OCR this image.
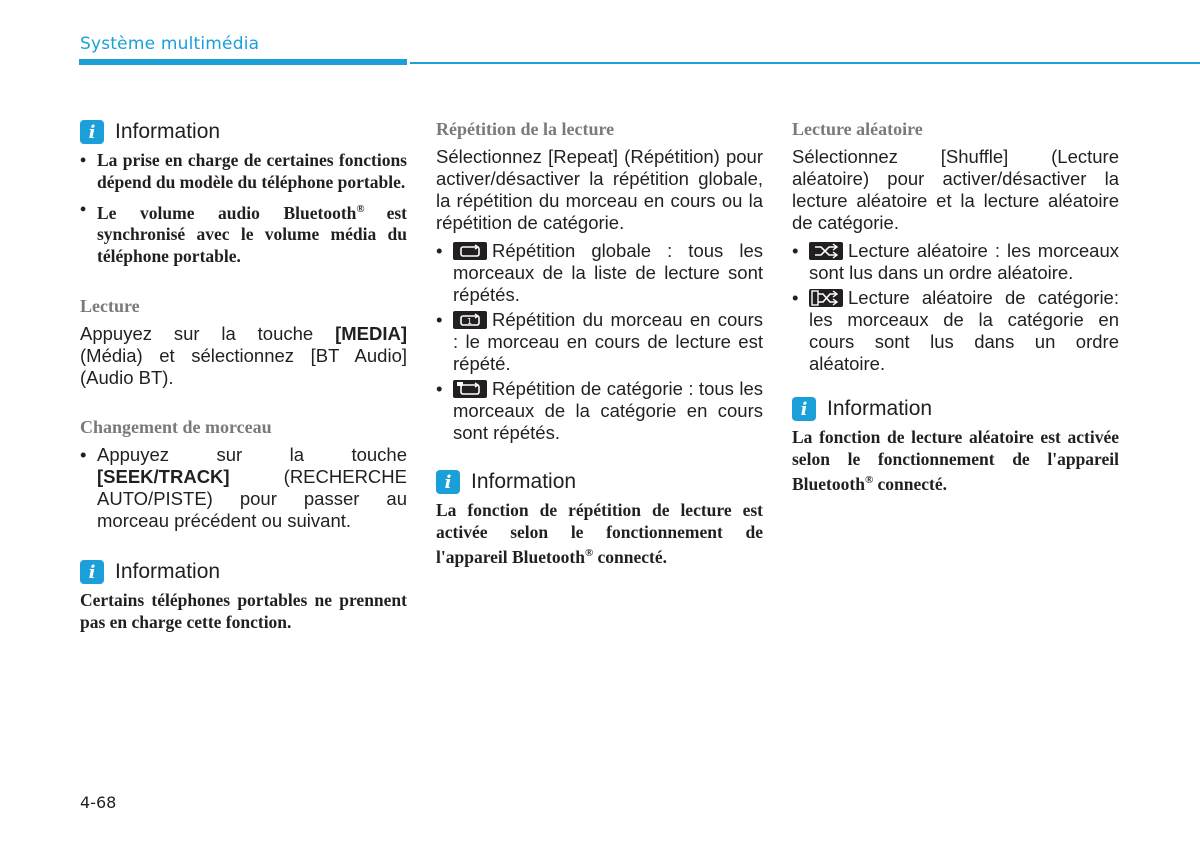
Système multimédia
i Information
• La prise en charge de certaines fonctions dépend du modèle du téléphone portable.
• Le volume audio Bluetooth® est synchronisé avec le volume média du téléphone portable.
Lecture

Appuyez sur la touche [MEDIA] (Média) et sélectionnez [BT Audio] (Audio BT).

Changement de morceau
• Appuyez sur la touche [SEEK/TRACK] (RECHERCHE AUTO/PISTE) pour passer au morceau précédent ou suivant.
i Information

Certains téléphones portables ne prennent pas en charge cette fonction.

Répétition de la lecture

Sélectionnez [Repeat] (Répétition) pour activer/désactiver la répétition globale, la répétition du morceau en cours ou la répétition de catégorie.

• Répétition globale : tous les morceaux de la liste de lecture sont répétés.
• 1 Répétition du morceau en cours : le morceau en cours de lecture est répété.
• Répétition de catégorie : tous les morceaux de la catégorie en cours sont répétés.
i Information

La fonction de répétition de lecture est activée selon le fonctionnement de l'appareil Bluetooth® connecté.

Lecture aléatoire

Sélectionnez [Shuffle] (Lecture aléatoire) pour activer/désactiver la lecture aléatoire et la lecture aléatoire de catégorie.

• Lecture aléatoire : les morceaux sont lus dans un ordre aléatoire.
• Lecture aléatoire de catégorie: les morceaux de la catégorie en cours sont lus dans un ordre aléatoire.
i Information

La fonction de lecture aléatoire est activée selon le fonctionnement de l'appareil Bluetooth® connecté.

4-68
